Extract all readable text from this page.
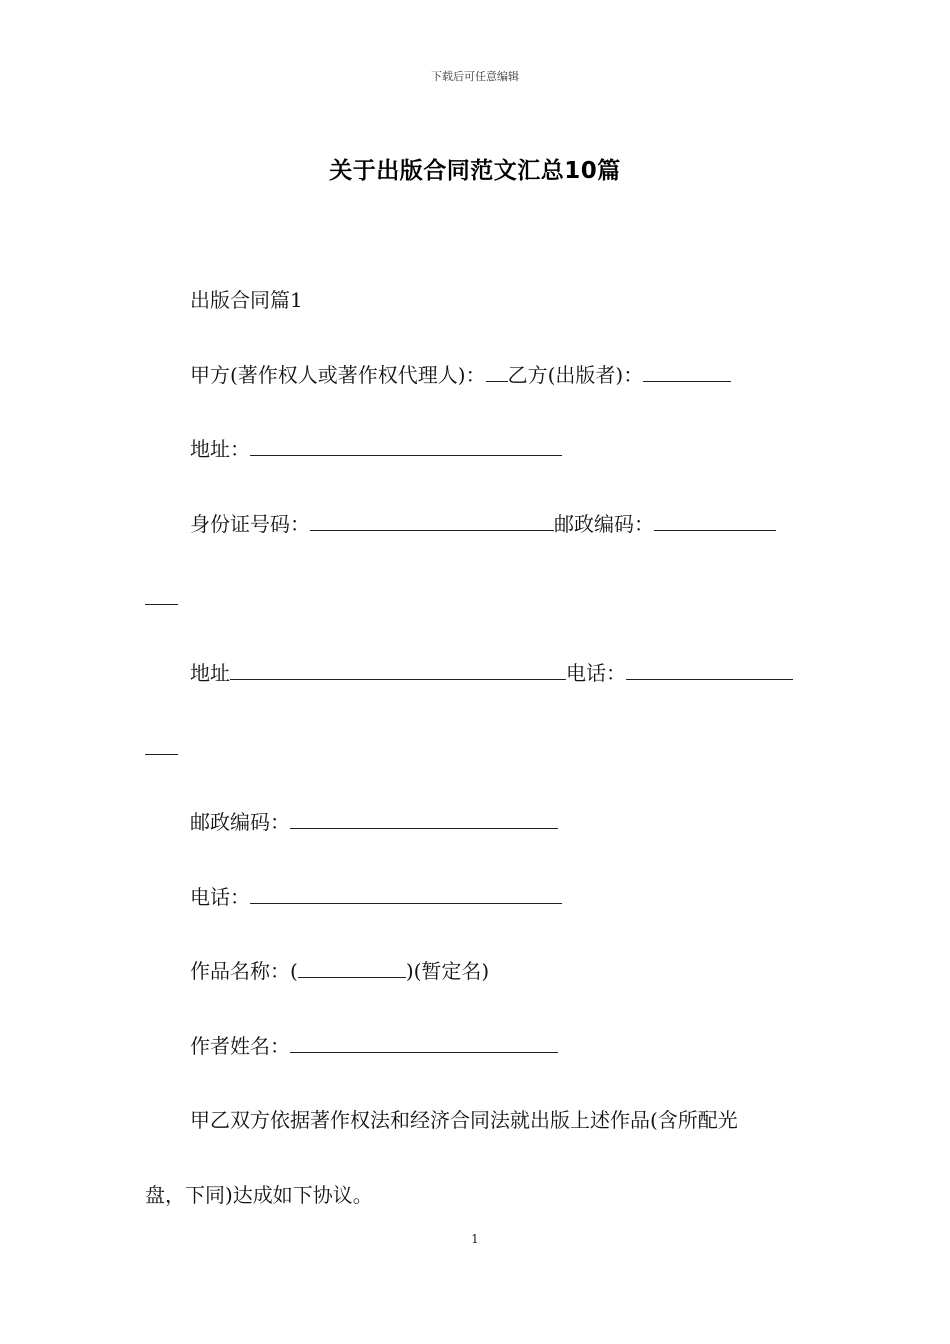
下载后可任意编辑
关于出版合同范文汇总10篇
出版合同篇1
甲方(著作权人或著作权代理人)： 乙方(出版者)：
地址：
身份证号码：	邮政编码：
地址	电话：
邮政编码：
电话：
作品名称：(	)(暂定名)
作者姓名：
甲乙双方依据著作权法和经济合同法就出版上述作品(含所配光
盘，下同)达成如下协议。
1
